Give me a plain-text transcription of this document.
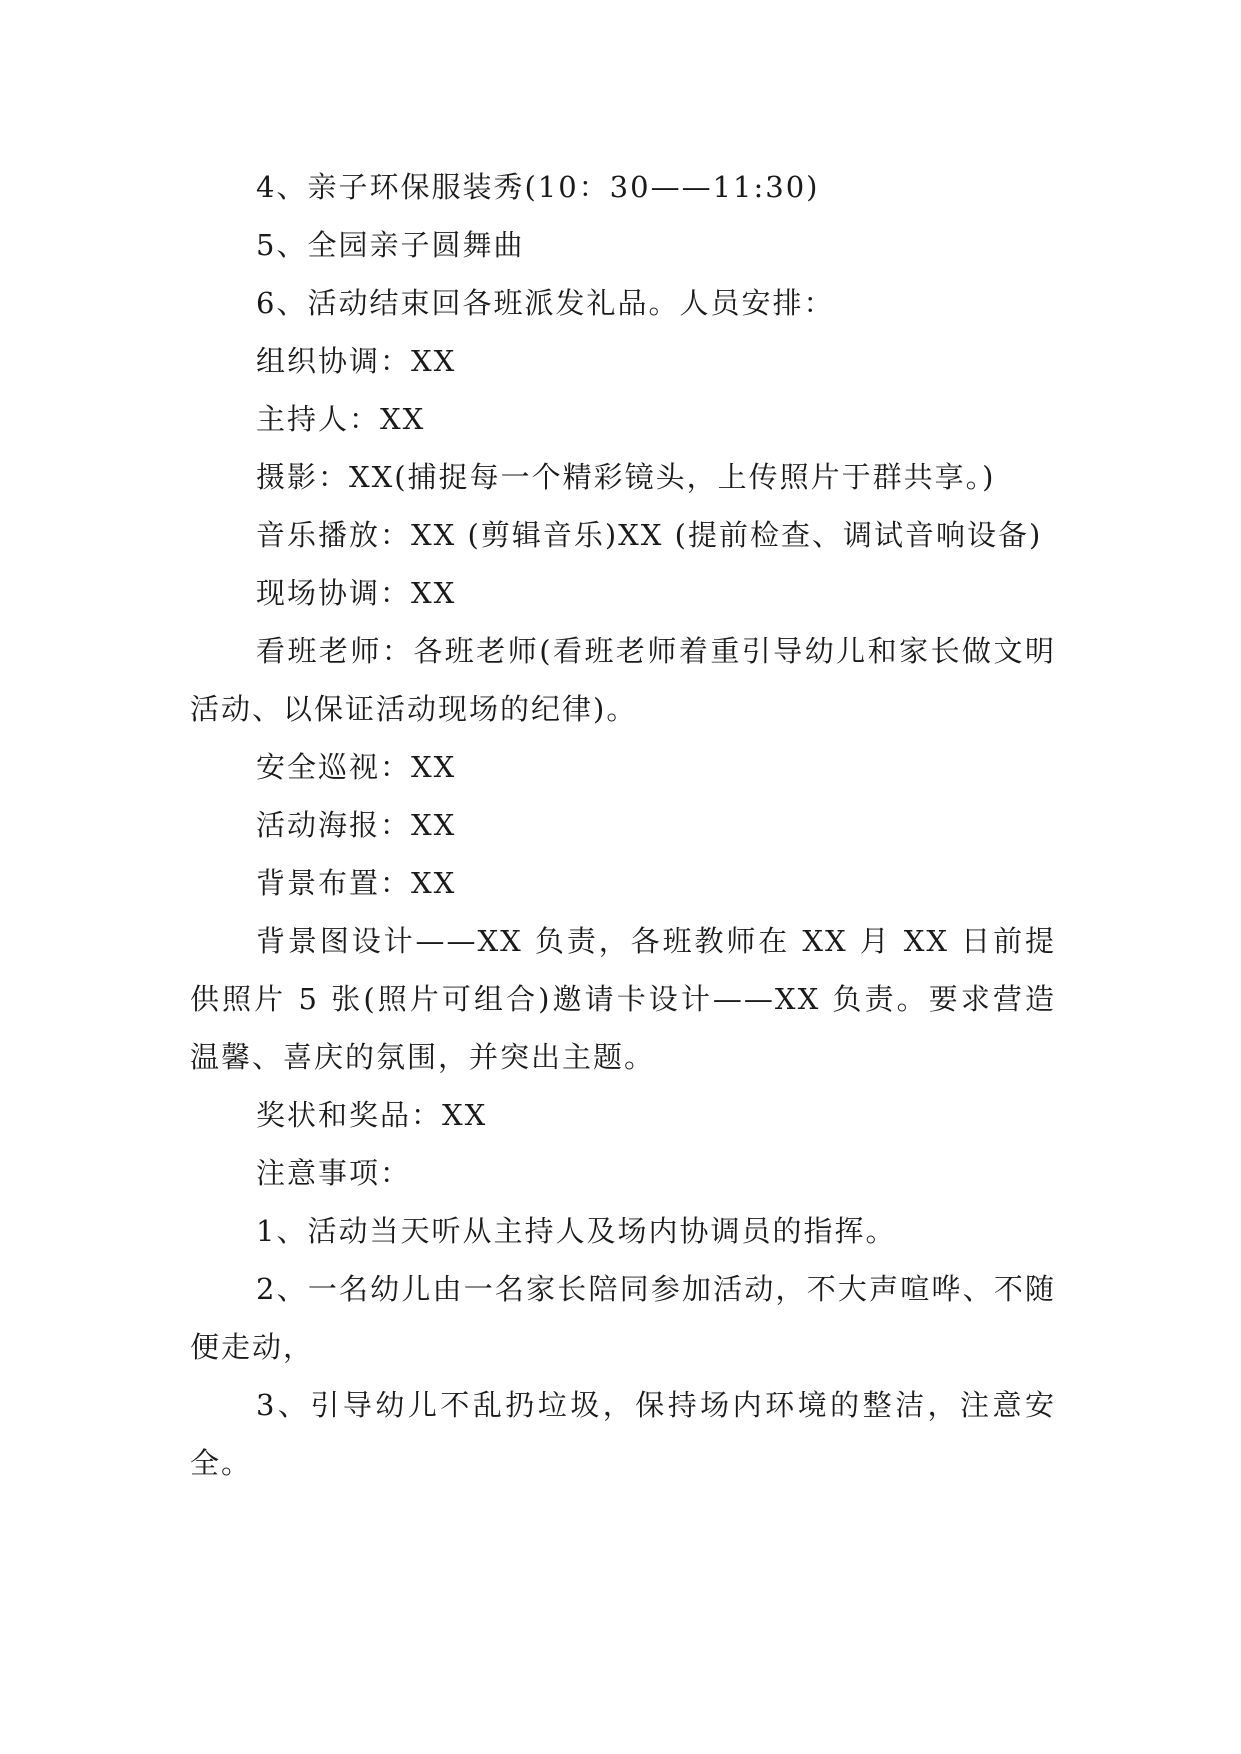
4、亲子环保服装秀(10：30——11:30)

5、全园亲子圆舞曲

6、活动结束回各班派发礼品。人员安排：

组织协调：XX

主持人：XX

摄影：XX(捕捉每一个精彩镜头，上传照片于群共享。)

音乐播放：XX (剪辑音乐)XX (提前检查、调试音响设备)

现场协调：XX

看班老师：各班老师(看班老师着重引导幼儿和家长做文明活动、以保证活动现场的纪律)。

安全巡视：XX

活动海报：XX

背景布置：XX

背景图设计——XX 负责，各班教师在 XX 月 XX 日前提供照片 5 张(照片可组合)邀请卡设计——XX 负责。要求营造温馨、喜庆的氛围，并突出主题。

奖状和奖品：XX

注意事项：

1、活动当天听从主持人及场内协调员的指挥。

2、一名幼儿由一名家长陪同参加活动，不大声喧哗、不随便走动，

3、引导幼儿不乱扔垃圾，保持场内环境的整洁，注意安全。
